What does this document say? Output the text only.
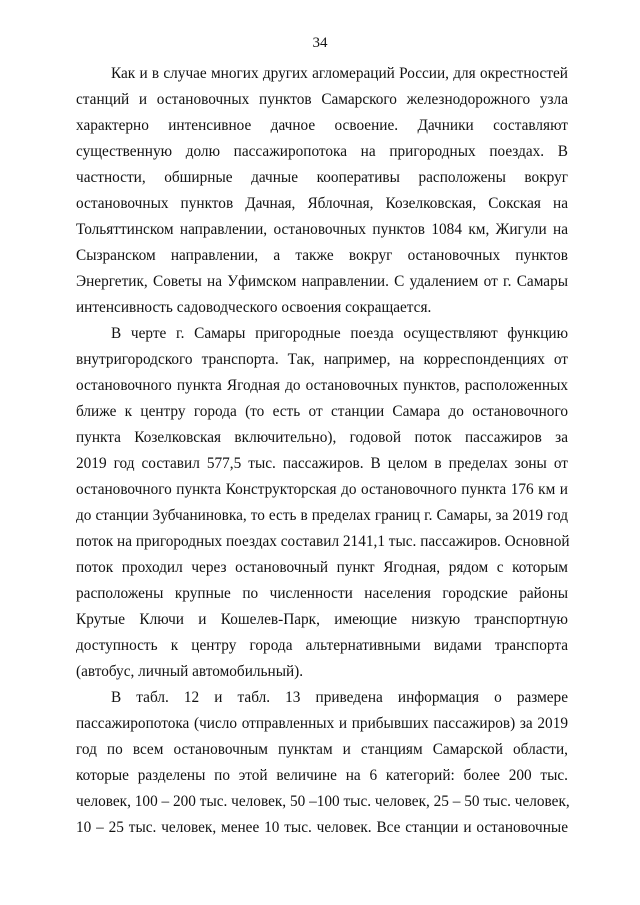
34
Как и в случае многих других агломераций России, для окрестностей
станций и остановочных пунктов Самарского железнодорожного узла
характерно интенсивное дачное освоение. Дачники составляют
существенную долю пассажиропотока на пригородных поездах. В
частности, обширные дачные кооперативы расположены вокруг
остановочных пунктов Дачная, Яблочная, Козелковская, Сокская на
Тольяттинском направлении, остановочных пунктов 1084 км, Жигули на
Сызранском направлении, а также вокруг остановочных пунктов
Энергетик, Советы на Уфимском направлении. С удалением от г. Самары
интенсивность садоводческого освоения сокращается.
В черте г. Самары пригородные поезда осуществляют функцию
внутригородского транспорта. Так, например, на корреспонденциях от
остановочного пункта Ягодная до остановочных пунктов, расположенных
ближе к центру города (то есть от станции Самара до остановочного
пункта Козелковская включительно), годовой поток пассажиров за
2019 год составил 577,5 тыс. пассажиров. В целом в пределах зоны от
остановочного пункта Конструкторская до остановочного пункта 176 км и
до станции Зубчаниновка, то есть в пределах границ г. Самары, за 2019 год
поток на пригородных поездах составил 2141,1 тыс. пассажиров. Основной
поток проходил через остановочный пункт Ягодная, рядом с которым
расположены крупные по численности населения городские районы
Крутые Ключи и Кошелев-Парк, имеющие низкую транспортную
доступность к центру города альтернативными видами транспорта
(автобус, личный автомобильный).
В табл. 12 и табл. 13 приведена информация о размере
пассажиропотока (число отправленных и прибывших пассажиров) за 2019
год по всем остановочным пунктам и станциям Самарской области,
которые разделены по этой величине на 6 категорий: более 200 тыс.
человек, 100 – 200 тыс. человек, 50 –100 тыс. человек, 25 – 50 тыс. человек,
10 – 25 тыс. человек, менее 10 тыс. человек. Все станции и остановочные
